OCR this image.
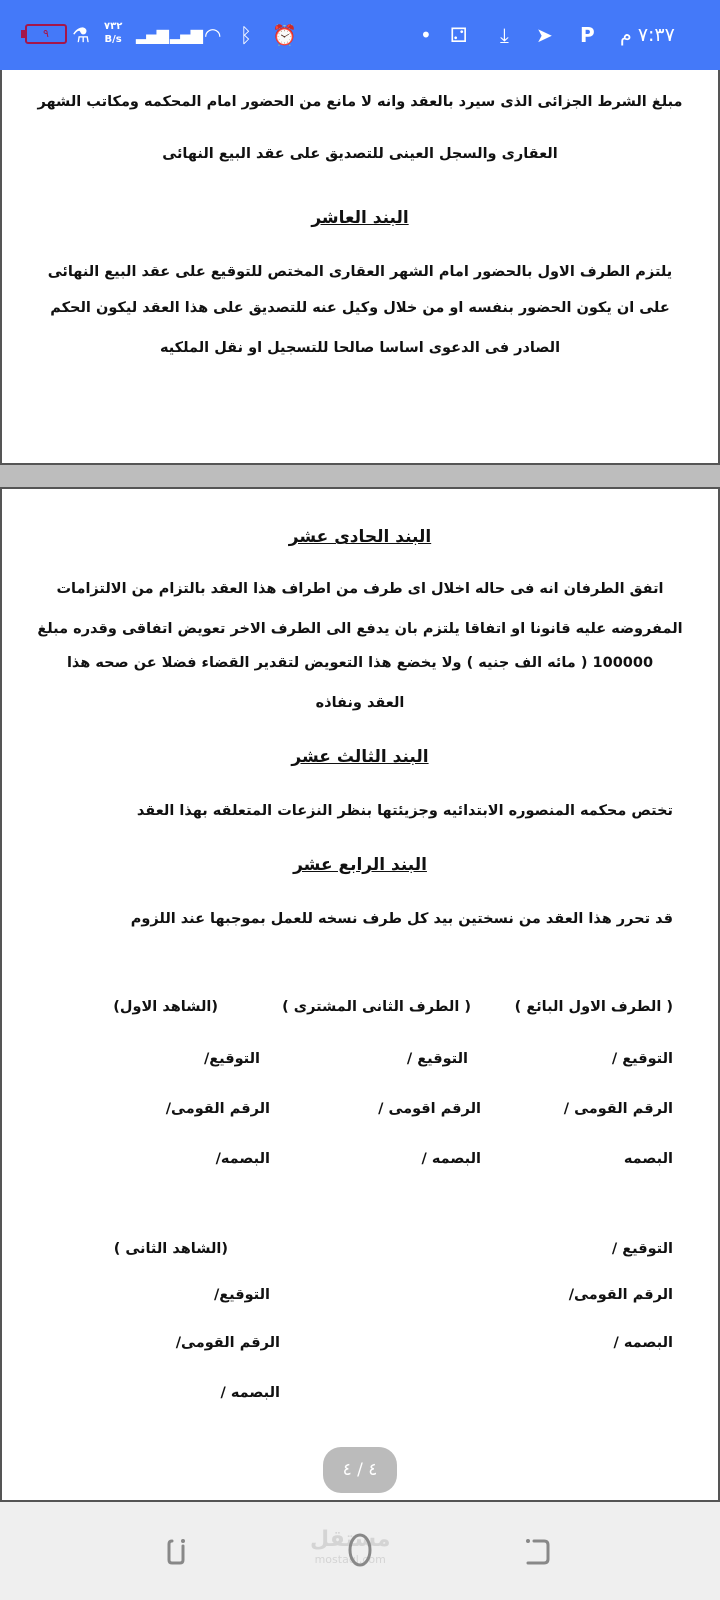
٩	⚗ ٧٣٢
B/s ▂▄▆ ▂▄▆ ◠ ᛒ ⏰	• ⚁ ⤓ ➤ P ٧:٣٧ م
مبلغ الشرط الجزائى الذى سيرد بالعقد وانه لا مانع من الحضور امام المحكمه ومكاتب الشهر
العقارى والسجل العينى للتصديق على عقد البيع النهائى
البند العاشر
يلتزم الطرف الاول بالحضور امام الشهر العقارى المختص للتوقيع على عقد البيع النهائى
على ان يكون الحضور بنفسه او من خلال وكيل عنه للتصديق على هذا العقد ليكون الحكم
الصادر فى الدعوى اساسا صالحا للتسجيل او نقل الملكيه
البند الحادى عشر
اتفق الطرفان انه فى حاله اخلال اى طرف من اطراف هذا العقد بالتزام من الالتزامات
المفروضه عليه قانونا او اتفاقا يلتزم بان يدفع الى الطرف الاخر تعويض اتفاقى وقدره مبلغ
100000 ( مائه الف جنيه ) ولا يخضع هذا التعويض لتقدير القضاء فضلا عن صحه هذا
العقد ونفاذه
البند الثالث عشر
تختص محكمه المنصوره الابتدائيه وجزيئتها بنظر النزعات المتعلقه بهذا العقد
البند الرابع عشر
قد تحرر هذا العقد من نسختين بيد كل طرف نسخه للعمل بموجبها عند اللزوم
( الطرف الاول البائع )
التوقيع /
الرقم القومى /
البصمه
( الطرف الثانى المشترى )
التوقيع /
الرقم اقومى /
البصمه /
(الشاهد الاول)
التوقيع/
الرقم القومى/
البصمه/
التوقيع /
الرقم القومى/
البصمه /
(الشاهد الثانى )
التوقيع/
الرقم القومى/
البصمه /
٤ / ٤
مستقل
mostaql.com
